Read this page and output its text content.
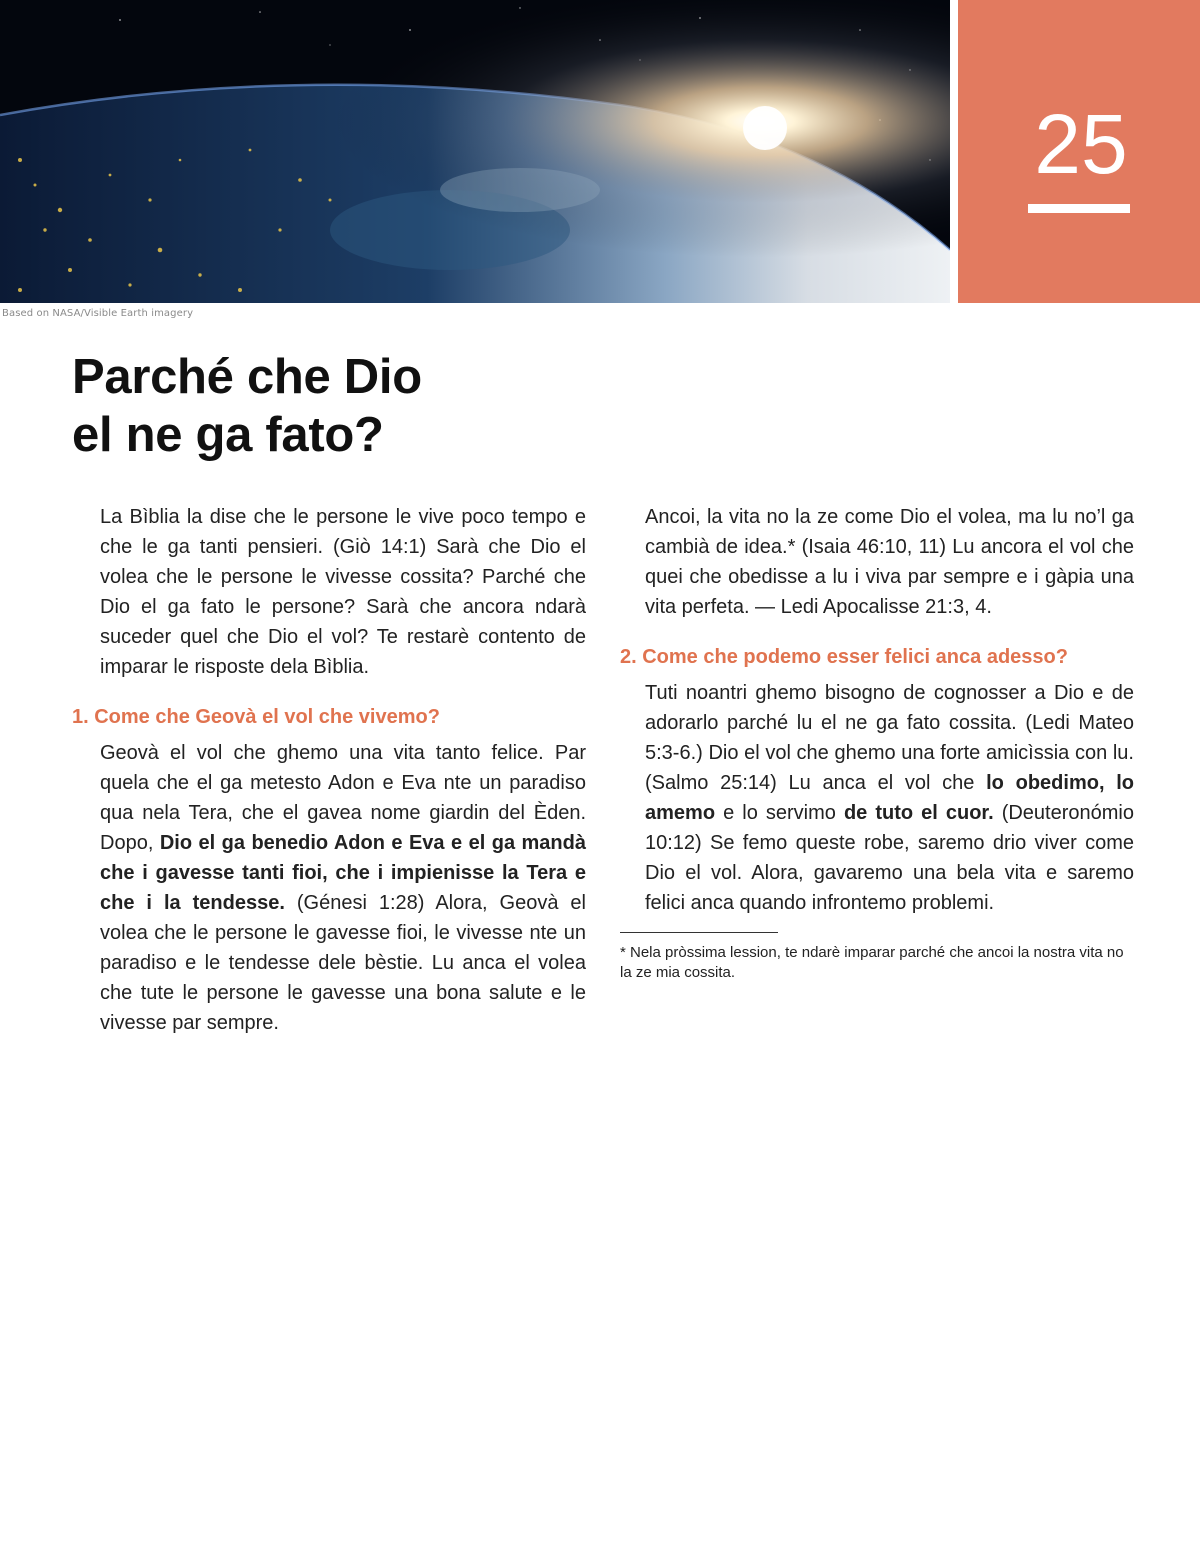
Based on NASA/Visible Earth imagery
25
Parché che Dio
el ne ga fato?

La Bìblia la dise che le persone le vive poco tempo e che le ga tanti pensieri. (Giò 14:1) Sarà che Dio el volea che le persone le vivesse cossita? Parché che Dio el ga fato le persone? Sarà che ancora ndarà suceder quel che Dio el vol? Te restarè contento de imparar le risposte dela Bìblia.

1. Come che Geovà el vol che vivemo?

Geovà el vol che ghemo una vita tanto felice. Par quela che el ga metesto Adon e Eva nte un paradiso qua nela Tera, che el gavea nome giardin del Èden. Dopo, Dio el ga benedio Adon e Eva e el ga mandà che i gavesse tanti fioi, che i impienisse la Tera e che i la tendesse. (Génesi 1:28) Alora, Geovà el volea che le persone le gavesse fioi, le vivesse nte un paradiso e le tendesse dele bèstie. Lu anca el volea che tute le persone le gavesse una bona salute e le vivesse par sempre.

Ancoi, la vita no la ze come Dio el volea, ma lu no’l ga cambià de idea.* (Isaia 46:10, 11) Lu ancora el vol che quei che obedisse a lu i viva par sempre e i gàpia una vita perfeta. — Ledi Apocalisse 21:3, 4.

2. Come che podemo esser felici anca adesso?

Tuti noantri ghemo bisogno de cognosser a Dio e de adorarlo parché lu el ne ga fato cossita. (Ledi Mateo 5:3-6.) Dio el vol che ghemo una forte amicìssia con lu. (Salmo 25:14) Lu anca el vol che lo obedimo, lo amemo e lo servimo de tuto el cuor. (Deuteronómio 10:12) Se femo queste robe, saremo drio viver come Dio el vol. Alora, gavaremo una bela vita e saremo felici anca quando infrontemo problemi.

* Nela pròssima lession, te ndarè imparar parché che ancoi la nostra vita no la ze mia cossita.
